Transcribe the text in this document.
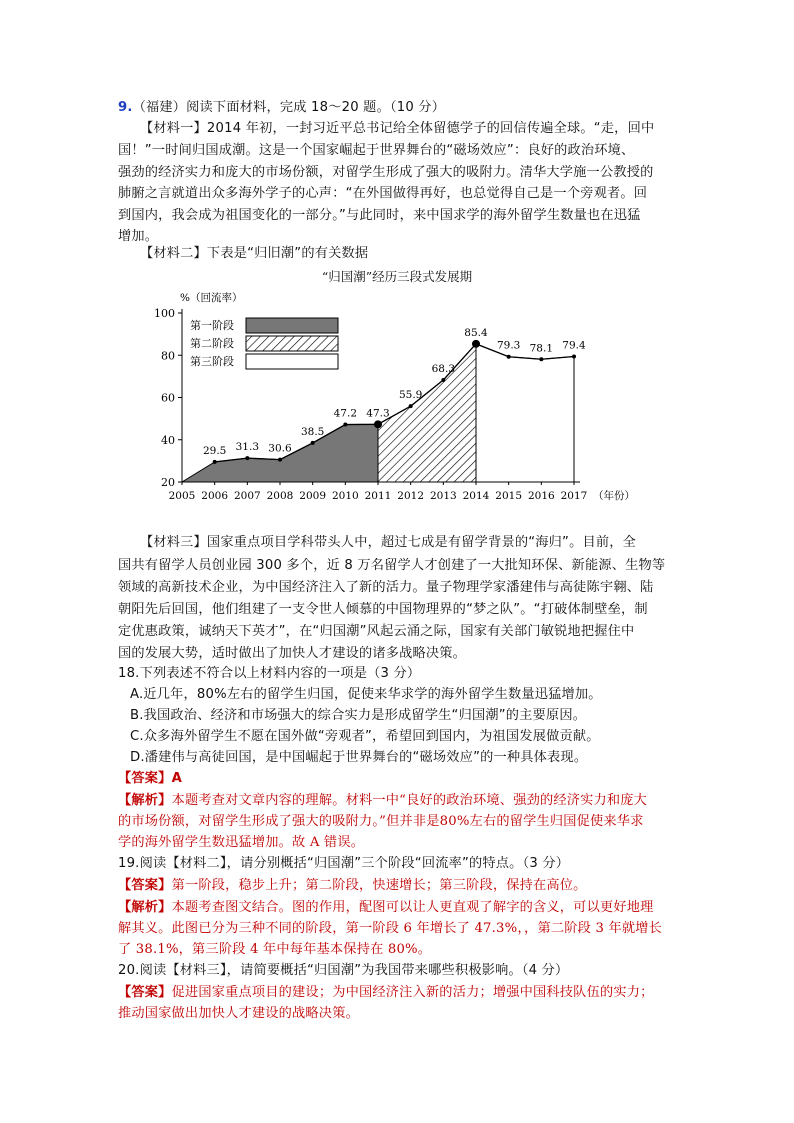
9.（福建）阅读下面材料，完成 18～20 题。（10 分）
【材料一】2014 年初，一封习近平总书记给全体留德学子的回信传遍全球。“走，回中
国！”一时间归国成潮。这是一个国家崛起于世界舞台的“磁场效应”：良好的政治环境、
强劲的经济实力和庞大的市场份额，对留学生形成了强大的吸附力。清华大学施一公教授的
肺腑之言就道出众多海外学子的心声：“在外国做得再好，也总觉得自己是一个旁观者。回
到国内，我会成为祖国变化的一部分。”与此同时，来中国求学的海外留学生数量也在迅猛
增加。
【材料二】下表是“归旧潮”的有关数据
“归国潮”经历三段式发展期
20
40
60
80
100
2005 2006 2007 2008 2009 2010 2011 2012 2013 2014 2015 2016 2017 （年份）
%（回流率）
29.5 31.3 30.6
38.5
47.2 47.3
55.9
68.3
85.4
79.3 78.1 79.4
第一阶段
第二阶段
第三阶段
【材料三】国家重点项目学科带头人中，超过七成是有留学背景的“海归”。目前，全
国共有留学人员创业园 300 多个，近 8 万名留学人才创建了一大批知环保、新能源、生物等
领域的高新技术企业，为中国经济注入了新的活力。量子物理学家潘建伟与高徒陈宇翱、陆
朝阳先后回国，他们组建了一支令世人倾慕的中国物理界的“梦之队”。“打破体制壁垒，制
定优惠政策，诚纳天下英才”，在“归国潮”风起云涌之际，国家有关部门敏锐地把握住中
国的发展大势，适时做出了加快人才建设的诸多战略决策。
18.下列表述不符合以上材料内容的一项是（3 分）
A.近几年，80%左右的留学生归国，促使来华求学的海外留学生数量迅猛增加。
B.我国政治、经济和市场强大的综合实力是形成留学生“归国潮”的主要原因。
C.众多海外留学生不愿在国外做“旁观者”，希望回到国内，为祖国发展做贡献。
D.潘建伟与高徒回国，是中国崛起于世界舞台的“磁场效应”的一种具体表现。
【答案】A
【解析】本题考查对文章内容的理解。材料一中“良好的政治环境、强劲的经济实力和庞大
的市场份额，对留学生形成了强大的吸附力。”但并非是80%左右的留学生归国促使来华求
学的海外留学生数迅猛增加。故 A 错误。
19.阅读【材料二】，请分别概括“归国潮”三个阶段“回流率”的特点。（3 分）
【答案】第一阶段，稳步上升；第二阶段，快速增长；第三阶段，保持在高位。
【解析】本题考查图文结合。图的作用，配图可以让人更直观了解字的含义，可以更好地理
解其义。此图已分为三种不同的阶段，第一阶段 6 年增长了 47.3%，，第二阶段 3 年就增长
了 38.1%，第三阶段 4 年中每年基本保持在 80%。
20.阅读【材料三】，请简要概括“归国潮”为我国带来哪些积极影响。（4 分）
【答案】促进国家重点项目的建设；为中国经济注入新的活力；增强中国科技队伍的实力；
推动国家做出加快人才建设的战略决策。
